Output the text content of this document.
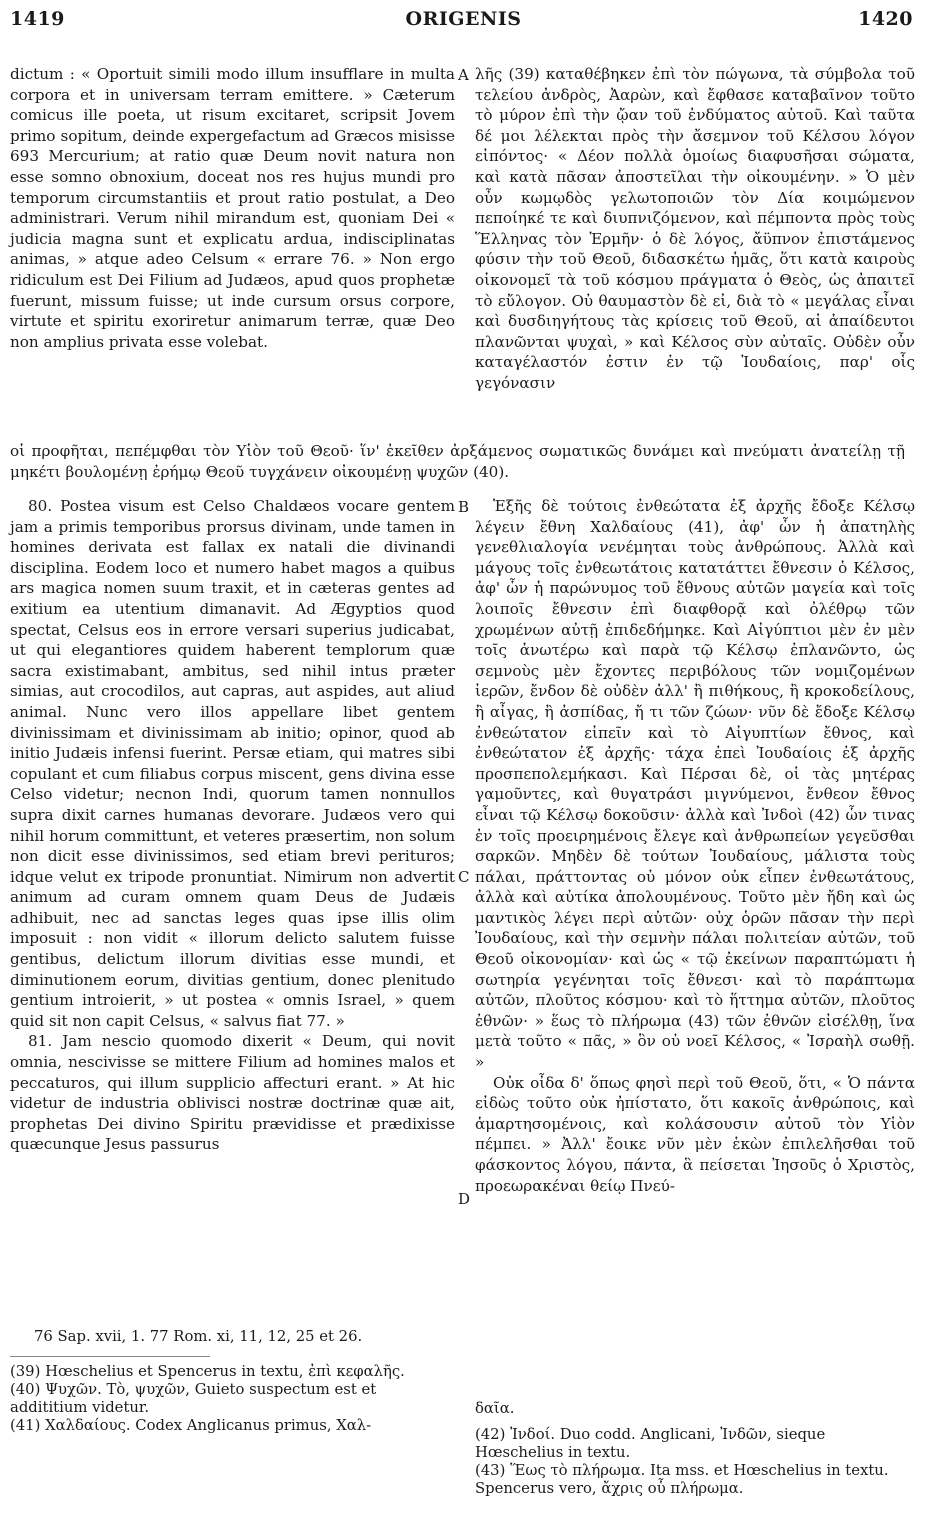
1419	ORIGENIS	1420
A
B
C
D

dictum : « Oportuit simili modo illum insufflare in multa corpora et in universam terram emittere. » Cæterum comicus ille poeta, ut risum excitaret, scripsit Jovem primo sopitum, deinde expergefactum ad Græcos misisse 693 Mercurium; at ratio quæ Deum novit natura non esse somno obnoxium, doceat nos res hujus mundi pro temporum circumstantiis et prout ratio postulat, a Deo administrari. Verum nihil mirandum est, quoniam Dei « judicia magna sunt et explicatu ardua, indisciplinatas animas, » atque adeo Celsum « errare 76. » Non ergo ridiculum est Dei Filium ad Judæos, apud quos prophetæ fuerunt, missum fuisse; ut inde cursum orsus corpore, virtute et spiritu exoriretur animarum terræ, quæ Deo non amplius privata esse volebat.

λῆς (39) καταθέβηκεν ἐπὶ τὸν πώγωνα, τὰ σύμβολα τοῦ τελείου ἀνδρὸς, Ἀαρὼν, καὶ ἔφθασε καταβαῖνον τοῦτο τὸ μύρον ἐπὶ τὴν ᾤαν τοῦ ἐνδύματος αὐτοῦ. Καὶ ταῦτα δέ μοι λέλεκται πρὸς τὴν ἄσεμνον τοῦ Κέλσου λόγον εἰπόντος· « Δέον πολλὰ ὁμοίως διαφυσῆσαι σώματα, καὶ κατὰ πᾶσαν ἀποστεῖλαι τὴν οἰκουμένην. » Ὁ μὲν οὖν κωμῳδὸς γελωτοποιῶν τὸν Δία κοιμώμενον πεποίηκέ τε καὶ διυπνιζόμενον, καὶ πέμποντα πρὸς τοὺς Ἕλληνας τὸν Ἑρμῆν· ὁ δὲ λόγος, ἄϋπνον ἐπιστάμενος φύσιν τὴν τοῦ Θεοῦ, διδασκέτω ἡμᾶς, ὅτι κατὰ καιροὺς οἰκονομεῖ τὰ τοῦ κόσμου πράγματα ὁ Θεὸς, ὡς ἀπαιτεῖ τὸ εὔλογον. Οὐ θαυμαστὸν δὲ εἰ, διὰ τὸ « μεγάλας εἶναι καὶ δυσδιηγήτους τὰς κρίσεις τοῦ Θεοῦ, αἱ ἀπαίδευτοι πλανῶνται ψυχαὶ, » καὶ Κέλσος σὺν αὐταῖς. Οὐδὲν οὖν καταγέλαστόν ἐστιν ἐν τῷ Ἰουδαίοις, παρ' οἷς γεγόνασιν

οἱ προφῆται, πεπέμφθαι τὸν Υἱὸν τοῦ Θεοῦ· ἵν' ἐκεῖθεν ἀρξάμενος σωματικῶς δυνάμει καὶ πνεύματι ἀνατείλῃ τῇ μηκέτι βουλομένῃ ἐρήμῳ Θεοῦ τυγχάνειν οἰκουμένῃ ψυχῶν (40).

80. Postea visum est Celso Chaldæos vocare gentem jam a primis temporibus prorsus divinam, unde tamen in homines derivata est fallax ex natali die divinandi disciplina. Eodem loco et numero habet magos a quibus ars magica nomen suum traxit, et in cæteras gentes ad exitium ea utentium dimanavit. Ad Ægyptios quod spectat, Celsus eos in errore versari superius judicabat, ut qui elegantiores quidem haberent templorum quæ sacra existimabant, ambitus, sed nihil intus præter simias, aut crocodilos, aut capras, aut aspides, aut aliud animal. Nunc vero illos appellare libet gentem divinissimam et divinissimam ab initio; opinor, quod ab initio Judæis infensi fuerint. Persæ etiam, qui matres sibi copulant et cum filiabus corpus miscent, gens divina esse Celso videtur; necnon Indi, quorum tamen nonnullos supra dixit carnes humanas devorare. Judæos vero qui nihil horum committunt, et veteres præsertim, non solum non dicit esse divinissimos, sed etiam brevi perituros; idque velut ex tripode pronuntiat. Nimirum non advertit animum ad curam omnem quam Deus de Judæis adhibuit, nec ad sanctas leges quas ipse illis olim imposuit : non vidit « illorum delicto salutem fuisse gentibus, delictum illorum divitias esse mundi, et diminutionem eorum, divitias gentium, donec plenitudo gentium introierit, » ut postea « omnis Israel, » quem quid sit non capit Celsus, « salvus fiat 77. »

81. Jam nescio quomodo dixerit « Deum, qui novit omnia, nescivisse se mittere Filium ad homines malos et peccaturos, qui illum supplicio affecturi erant. » At hic videtur de industria oblivisci nostræ doctrinæ quæ ait, prophetas Dei divino Spiritu prævidisse et prædixisse quæcunque Jesus passurus

Ἑξῆς δὲ τούτοις ἐνθεώτατα ἐξ ἀρχῆς ἔδοξε Κέλσῳ λέγειν ἔθνη Χαλδαίους (41), ἀφ' ὧν ἡ ἀπατηλὴς γενεθλιαλογία νενέμηται τοὺς ἀνθρώπους. Ἀλλὰ καὶ μάγους τοῖς ἐνθεωτάτοις κατατάττει ἔθνεσιν ὁ Κέλσος, ἀφ' ὧν ἡ παρώνυμος τοῦ ἔθνους αὐτῶν μαγεία καὶ τοῖς λοιποῖς ἔθνεσιν ἐπὶ διαφθορᾷ καὶ ὀλέθρῳ τῶν χρωμένων αὐτῇ ἐπιδεδήμηκε. Καὶ Αἰγύπτιοι μὲν ἐν μὲν τοῖς ἀνωτέρω καὶ παρὰ τῷ Κέλσῳ ἐπλανῶντο, ὡς σεμνοὺς μὲν ἔχοντες περιβόλους τῶν νομιζομένων ἱερῶν, ἔνδον δὲ οὐδὲν ἀλλ' ἢ πιθήκους, ἢ κροκοδείλους, ἢ αἶγας, ἢ ἀσπίδας, ἤ τι τῶν ζώων· νῦν δὲ ἔδοξε Κέλσῳ ἐνθεώτατον εἰπεῖν καὶ τὸ Αἰγυπτίων ἔθνος, καὶ ἐνθεώτατον ἐξ ἀρχῆς· τάχα ἐπεὶ Ἰουδαίοις ἐξ ἀρχῆς προσπεπολεμήκασι. Καὶ Πέρσαι δὲ, οἱ τὰς μητέρας γαμοῦντες, καὶ θυγατράσι μιγνύμενοι, ἔνθεον ἔθνος εἶναι τῷ Κέλσῳ δοκοῦσιν· ἀλλὰ καὶ Ἰνδοὶ (42) ὧν τινας ἐν τοῖς προειρημένοις ἔλεγε καὶ ἀνθρωπείων γεγεῦσθαι σαρκῶν. Μηδὲν δὲ τούτων Ἰουδαίους, μάλιστα τοὺς πάλαι, πράττοντας οὐ μόνον οὐκ εἶπεν ἐνθεωτάτους, ἀλλὰ καὶ αὐτίκα ἀπολουμένους. Τοῦτο μὲν ἤδη καὶ ὡς μαντικὸς λέγει περὶ αὐτῶν· οὐχ ὁρῶν πᾶσαν τὴν περὶ Ἰουδαίους, καὶ τὴν σεμνὴν πάλαι πολιτείαν αὐτῶν, τοῦ Θεοῦ οἰκονομίαν· καὶ ὡς « τῷ ἐκείνων παραπτώματι ἡ σωτηρία γεγένηται τοῖς ἔθνεσι· καὶ τὸ παράπτωμα αὐτῶν, πλοῦτος κόσμου· καὶ τὸ ἥττημα αὐτῶν, πλοῦτος ἐθνῶν· » ἕως τὸ πλήρωμα (43) τῶν ἐθνῶν εἰσέλθῃ, ἵνα μετὰ τοῦτο « πᾶς, » ὃν οὐ νοεῖ Κέλσος, « Ἰσραὴλ σωθῇ. »

Οὐκ οἶδα δ' ὅπως φησὶ περὶ τοῦ Θεοῦ, ὅτι, « Ὁ πάντα εἰδὼς τοῦτο οὐκ ἠπίστατο, ὅτι κακοῖς ἀνθρώποις, καὶ ἁμαρτησομένοις, καὶ κολάσουσιν αὐτοῦ τὸν Υἱὸν πέμπει. » Ἀλλ' ἔοικε νῦν μὲν ἑκὼν ἐπιλελῆσθαι τοῦ φάσκοντος λόγου, πάντα, ἃ πείσεται Ἰησοῦς ὁ Χριστὸς, προεωρακέναι θείῳ Πνεύ-

76 Sap. xvii, 1. 77 Rom. xi, 11, 12, 25 et 26.

(39) Hœschelius et Spencerus in textu, ἐπὶ κεφαλῆς.

(40) Ψυχῶν. Τὸ, ψυχῶν, Guieto suspectum est et addititium videtur.

(41) Χαλδαίους. Codex Anglicanus primus, Χαλ-

δαῖα.

(42) Ἰνδοί. Duo codd. Anglicani, Ἰνδῶν, sieque Hœschelius in textu.

(43) Ἕως τὸ πλήρωμα. Ita mss. et Hœschelius in textu. Spencerus vero, ἄχρις οὗ πλήρωμα.
